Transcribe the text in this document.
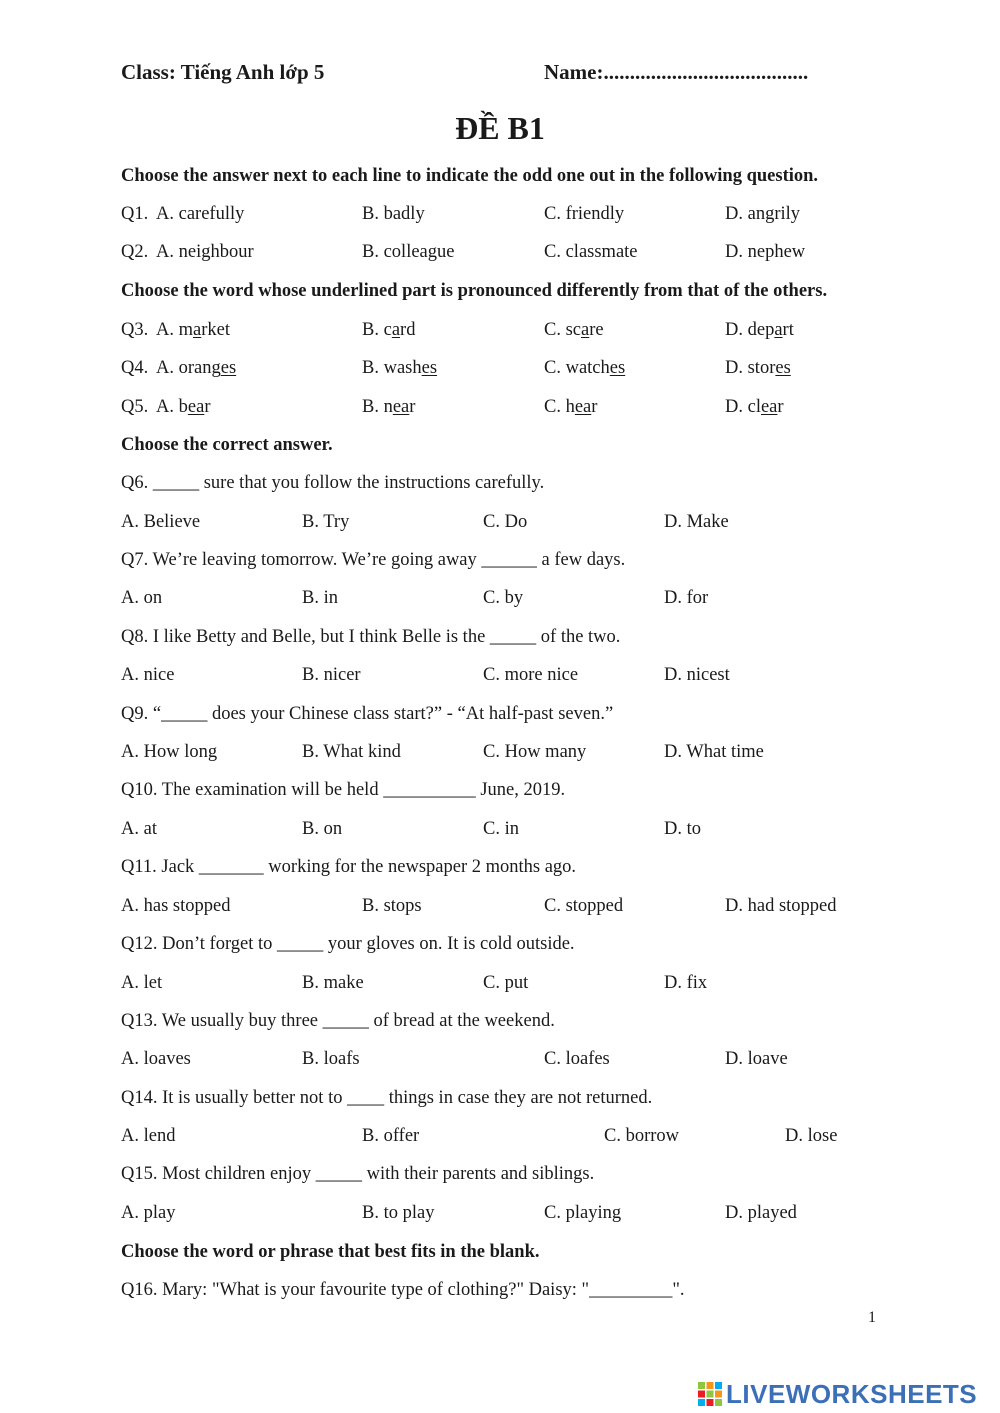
Class: Tiếng Anh lớp 5	Name:.......................................
ĐỀ B1
Choose the answer next to each line to indicate the odd one out in the following question.
Q1. A. carefully	B. badly	C. friendly	D. angrily
Q2. A. neighbour	B. colleague	C. classmate	D. nephew
Choose the word whose underlined part is pronounced differently from that of the others.
Q3. A. market	B. card	C. scare	D. depart
Q4. A. oranges	B. washes	C. watches	D. stores
Q5. A. bear	B. near	C. hear	D. clear
Choose the correct answer.
Q6. _____ sure that you follow the instructions carefully.
A. Believe	B. Try	C. Do	D. Make
Q7. We’re leaving tomorrow. We’re going away ______ a few days.
A. on	B. in	C. by	D. for
Q8. I like Betty and Belle, but I think Belle is the _____ of the two.
A. nice	B. nicer	C. more nice	D. nicest
Q9. “_____ does your Chinese class start?” - “At half-past seven.”
A. How long	B. What kind	C. How many	D. What time
Q10. The examination will be held __________ June, 2019.
A. at	B. on	C. in	D. to
Q11. Jack _______ working for the newspaper 2 months ago.
A. has stopped	B. stops	C. stopped	D. had stopped
Q12. Don’t forget to _____ your gloves on. It is cold outside.
A. let	B. make	C. put	D. fix
Q13. We usually buy three _____ of bread at the weekend.
A. loaves	B. loafs	C. loafes	D. loave
Q14. It is usually better not to ____ things in case they are not returned.
A. lend	B. offer	C. borrow	D. lose
Q15. Most children enjoy _____ with their parents and siblings.
A. play	B. to play	C. playing	D. played
Choose the word or phrase that best fits in the blank.
Q16. Mary: "What is your favourite type of clothing?" Daisy: "_________".
1
LIVEWORKSHEETS
